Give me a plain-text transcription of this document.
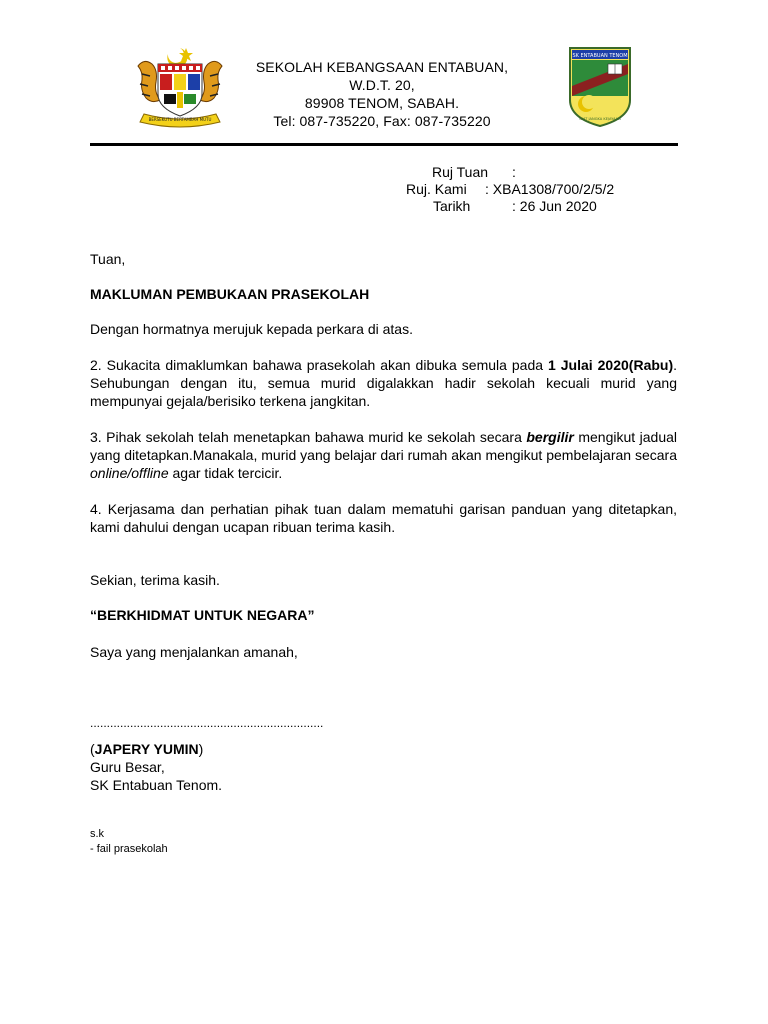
BERSEKUTU BERTAMBAH MUTU
SEKOLAH KEBANGSAAN ENTABUAN,
W.D.T. 20,
89908 TENOM, SABAH.
Tel: 087-735220, Fax: 087-735220
SK ENTABUAN TENOM
GIAT JANGKA KEJAYAAN
Ruj Tuan :
Ruj. Kami : XBA1308/700/2/5/2
Tarikh	: 26 Jun 2020
Tuan,
MAKLUMAN PEMBUKAAN PRASEKOLAH
Dengan hormatnya merujuk kepada perkara di atas.
2. Sukacita dimaklumkan bahawa prasekolah akan dibuka semula pada 1 Julai 2020(Rabu). Sehubungan dengan itu, semua murid digalakkan hadir sekolah kecuali murid yang mempunyai gejala/berisiko terkena jangkitan.
3. Pihak sekolah telah menetapkan bahawa murid ke sekolah secara bergilir mengikut jadual yang ditetapkan.Manakala, murid yang belajar dari rumah akan mengikut pembelajaran secara online/offline agar tidak tercicir.
4. Kerjasama dan perhatian pihak tuan dalam mematuhi garisan panduan yang ditetapkan, kami dahului dengan ucapan ribuan terima kasih.
Sekian, terima kasih.
“BERKHIDMAT UNTUK NEGARA”
Saya yang menjalankan amanah,
......................................................................
(JAPERY YUMIN)
Guru Besar,
SK Entabuan Tenom.
s.k
- fail prasekolah
